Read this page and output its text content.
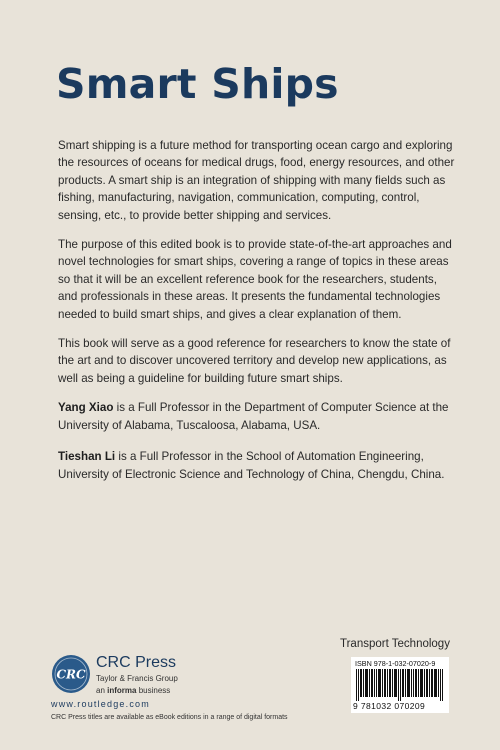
Smart Ships

Smart shipping is a future method for transporting ocean cargo and exploring the resources of oceans for medical drugs, food, energy resources, and other products. A smart ship is an integration of shipping with many fields such as fishing, manufacturing, navigation, communication, computing, control, sensing, etc., to provide better shipping and services.

The purpose of this edited book is to provide state-of-the-art approaches and novel technologies for smart ships, covering a range of topics in these areas so that it will be an excellent reference book for the researchers, students, and professionals in these areas. It presents the fundamental technologies needed to build smart ships, and gives a clear explanation of them.

This book will serve as a good reference for researchers to know the state of the art and to discover uncovered territory and develop new applications, as well as being a guideline for building future smart ships.

Yang Xiao is a Full Professor in the Department of Computer Science at the University of Alabama, Tuscaloosa, Alabama, USA.

Tieshan Li is a Full Professor in the School of Automation Engineering, University of Electronic Science and Technology of China, Chengdu, China.

Transport Technology
ISBN 978-1-032-07020-9
9 781032 070209
CRC
CRC Press
Taylor & Francis Group
an informa business
www.routledge.com
CRC Press titles are available as eBook editions in a range of digital formats
